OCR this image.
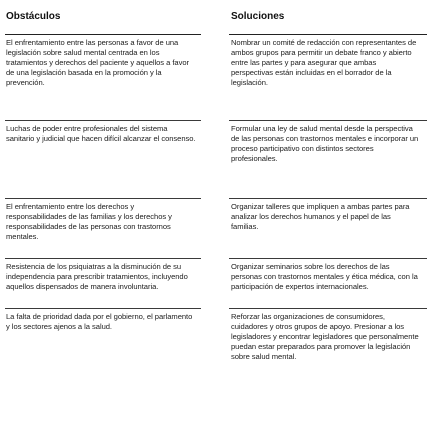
Obstáculos	Soluciones
El enfrentamiento entre las personas a favor de una legislación sobre salud mental centrada en los tratamientos y derechos del paciente y aquellos a favor de una legislación basada en la promoción y la prevención.
Nombrar un comité de redacción con representantes de ambos grupos para permitir un debate franco y abierto entre las partes y para asegurar que ambas perspectivas están incluidas en el borrador de la legislación.
Luchas de poder entre profesionales del sistema sanitario y judicial que hacen difícil alcanzar el consenso.
Formular una ley de salud mental desde la perspectiva de las personas con trastornos mentales e incorporar un proceso participativo con distintos sectores profesionales.
El enfrentamiento entre los derechos y responsabilidades de las familias y los derechos y responsabilidades de las personas con trastornos mentales.
Organizar talleres que impliquen a ambas partes para analizar los derechos humanos y el papel de las familias.
Resistencia de los psiquiatras a la disminución de su independencia para prescribir tratamientos, incluyendo aquellos dispensados de manera involuntaria.
Organizar seminarios sobre los derechos de las personas con trastornos mentales y ética médica, con la participación de expertos internacionales.
La falta de prioridad dada por el gobierno, el parlamento y los sectores ajenos a la salud.
Reforzar las organizaciones de consumidores, cuidadores y otros grupos de apoyo. Presionar a los legisladores y encontrar legisladores que personalmente puedan estar preparados para promover la legislación sobre salud mental.
